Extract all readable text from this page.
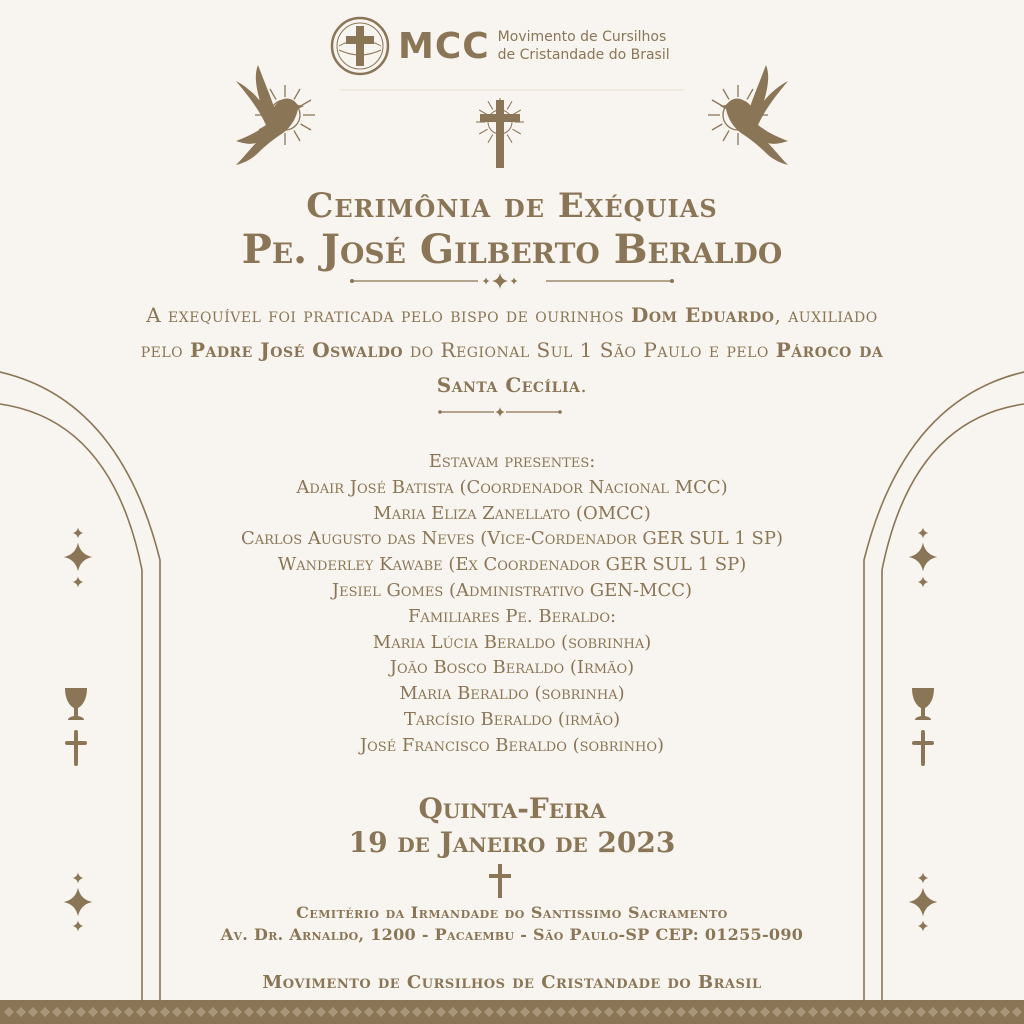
MCC Movimento de Cursilhos
de Cristandade do Brasil
Cerimônia de Exéquias
Pe. José Gilberto Beraldo
A exequível foi praticada pelo bispo de ourinhos Dom Eduardo, auxiliado pelo Padre José Oswaldo do Regional Sul 1 São Paulo e pelo Pároco da Santa Cecília.
Estavam presentes:
Adair José Batista (Coordenador Nacional MCC)
Maria Eliza Zanellato (OMCC)
Carlos Augusto das Neves (Vice-Cordenador GER SUL 1 SP)
Wanderley Kawabe (Ex Coordenador GER SUL 1 SP)
Jesiel Gomes (Administrativo GEN-MCC)
Familiares Pe. Beraldo:
Maria Lúcia Beraldo (sobrinha)
João Bosco Beraldo (Irmão)
Maria Beraldo (sobrinha)
Tarcísio Beraldo (irmão)
José Francisco Beraldo (sobrinho)
Quinta-Feira
19 de Janeiro de 2023
Cemitério da Irmandade do Santissimo Sacramento
Av. Dr. Arnaldo, 1200 - Pacaembu - São Paulo-SP CEP: 01255-090
Movimento de Cursilhos de Cristandade do Brasil
